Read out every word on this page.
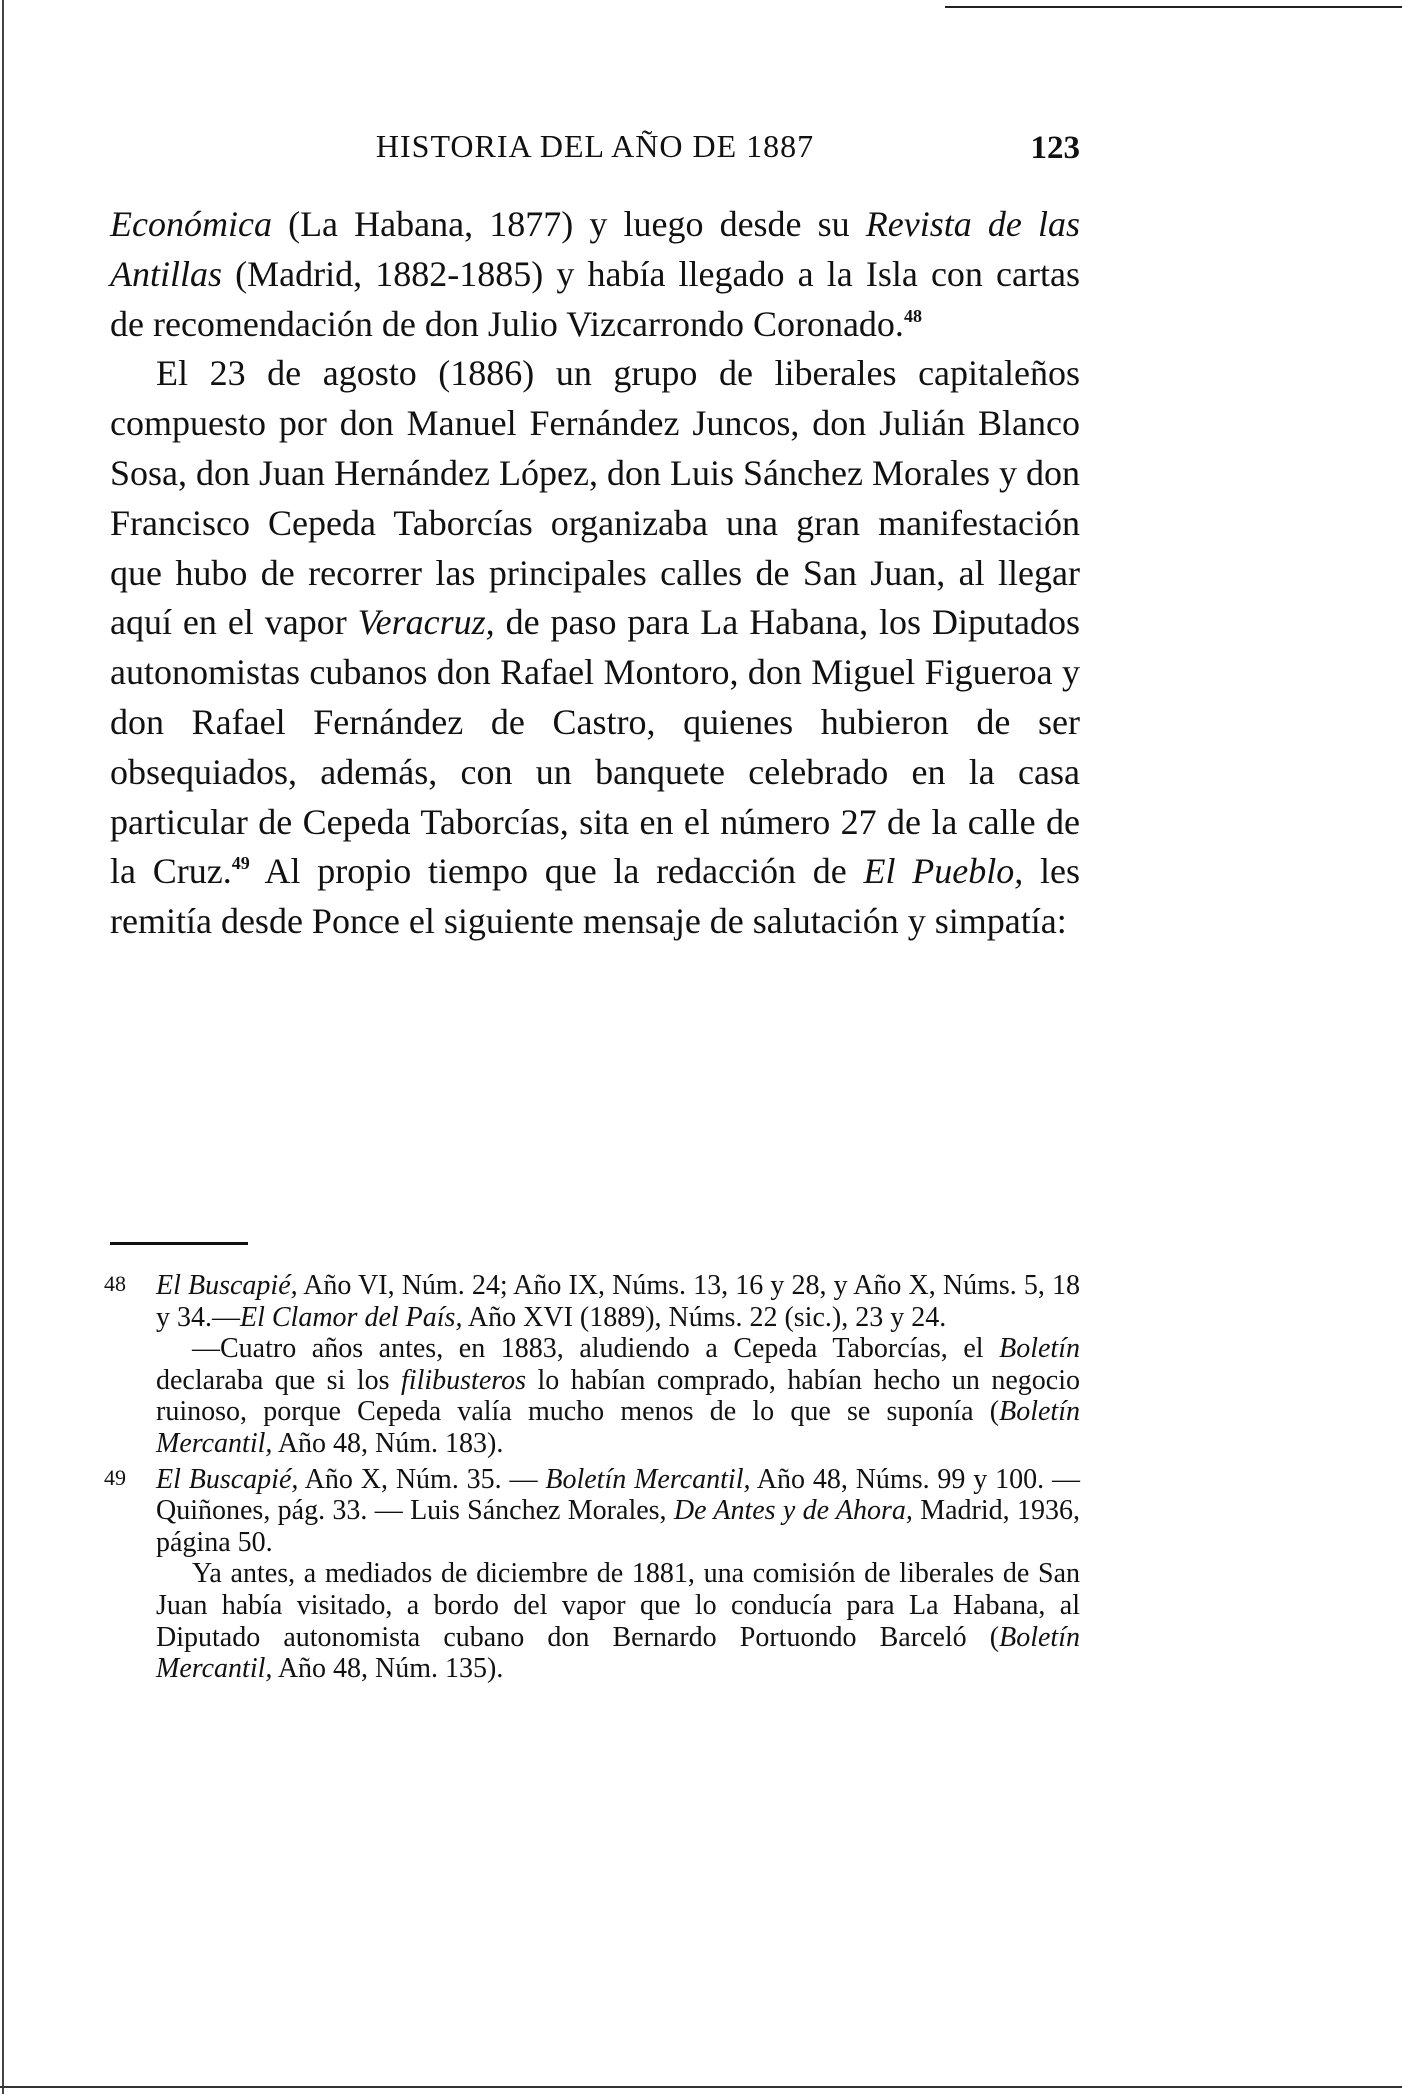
HISTORIA DEL AÑO DE 1887	123

Económica (La Habana, 1877) y luego desde su Revista de las Antillas (Madrid, 1882-1885) y había llegado a la Isla con cartas de recomendación de don Julio Vizcarrondo Coronado.$^{48}$

El 23 de agosto (1886) un grupo de liberales capitaleños compuesto por don Manuel Fernández Juncos, don Julián Blanco Sosa, don Juan Hernández López, don Luis Sánchez Morales y don Francisco Cepeda Taborcías organizaba una gran manifestación que hubo de recorrer las principales calles de San Juan, al llegar aquí en el vapor Veracruz, de paso para La Habana, los Diputados autonomistas cubanos don Rafael Montoro, don Miguel Figueroa y don Rafael Fernández de Castro, quienes hubieron de ser obsequiados, además, con un banquete celebrado en la casa particular de Cepeda Taborcías, sita en el número 27 de la calle de la Cruz.$^{49}$ Al propio tiempo que la redacción de El Pueblo, les remitía desde Ponce el siguiente mensaje de salutación y simpatía:

48 El Buscapié, Año VI, Núm. 24; Año IX, Núms. 13, 16 y 28, y Año X, Núms. 5, 18 y 34.—El Clamor del País, Año XVI (1889), Núms. 22 (sic.), 23 y 24.

—Cuatro años antes, en 1883, aludiendo a Cepeda Taborcías, el Boletín declaraba que si los filibusteros lo habían comprado, habían hecho un negocio ruinoso, porque Cepeda valía mucho menos de lo que se suponía (Boletín Mercantil, Año 48, Núm. 183).

49 El Buscapié, Año X, Núm. 35. — Boletín Mercantil, Año 48, Núms. 99 y 100. — Quiñones, pág. 33. — Luis Sánchez Morales, De Antes y de Ahora, Madrid, 1936, página 50.

Ya antes, a mediados de diciembre de 1881, una comisión de liberales de San Juan había visitado, a bordo del vapor que lo conducía para La Habana, al Diputado autonomista cubano don Bernardo Portuondo Barceló (Boletín Mercantil, Año 48, Núm. 135).
